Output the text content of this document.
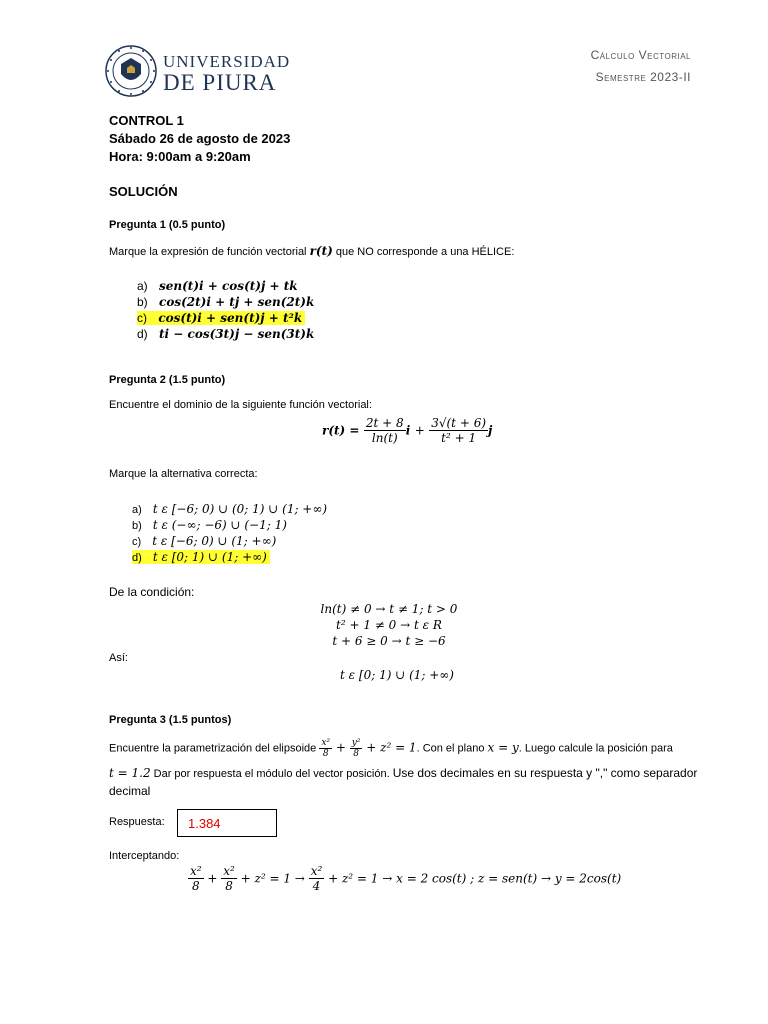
UNIVERSIDAD
DE PIURA
Cálculo Vectorial
Semestre 2023-II
CONTROL 1
Sábado 26 de agosto de 2023
Hora: 9:00am a 9:20am
SOLUCIÓN
Pregunta 1 (0.5 punto)
Marque la expresión de función vectorial r(t) que NO corresponde a una HÉLICE:
a) sen(t)i + cos(t)j + tk
b) cos(2t)i + tj + sen(2t)k
c) cos(t)i + sen(t)j + t²k
d) ti − cos(3t)j − sen(3t)k
Pregunta 2 (1.5 punto)
Encuentre el dominio de la siguiente función vectorial:
$r(t) = \frac{2t + 8}{\ln(t)}$ $i + \frac{3√(t + 6)}{\text{t² + 1}}$ j
Marque la alternativa correcta:
a) t ε [−6; 0) ∪ (0; 1) ∪ (1; +∞)
b) t ε (−∞; −6) ∪ (−1; 1)
c) t ε [−6; 0) ∪ (1; +∞)
d) t ε [0; 1) ∪ (1; +∞)
De la condición:
ln(t) ≠ 0 → t ≠ 1; t > 0
t² + 1 ≠ 0 → t ε R
t + 6 ≥ 0 → t ≥ −6
Así:
t ε [0; 1) ∪ (1; +∞)
Pregunta 3 (1.5 puntos)
Encuentre la parametrización del elipsoide $\frac{\text{x²}}{8} + \frac{\text{y²}}{8} + z^2 = 1$. Con el plano x = y. Luego calcule la posición para
t = 1.2 Dar por respuesta el módulo del vector posición. Use dos decimales en su respuesta y "," como separador decimal
Respuesta: 1.384
Interceptando:
$\frac{\text{x²}}{8} + \frac{\text{x²}}{8} + z^2 = 1 \to \frac{\text{x²}}{4} + z^2 = 1 \to x = 2$ cos(t) ; z = sen(t) → y = 2cos(t)
